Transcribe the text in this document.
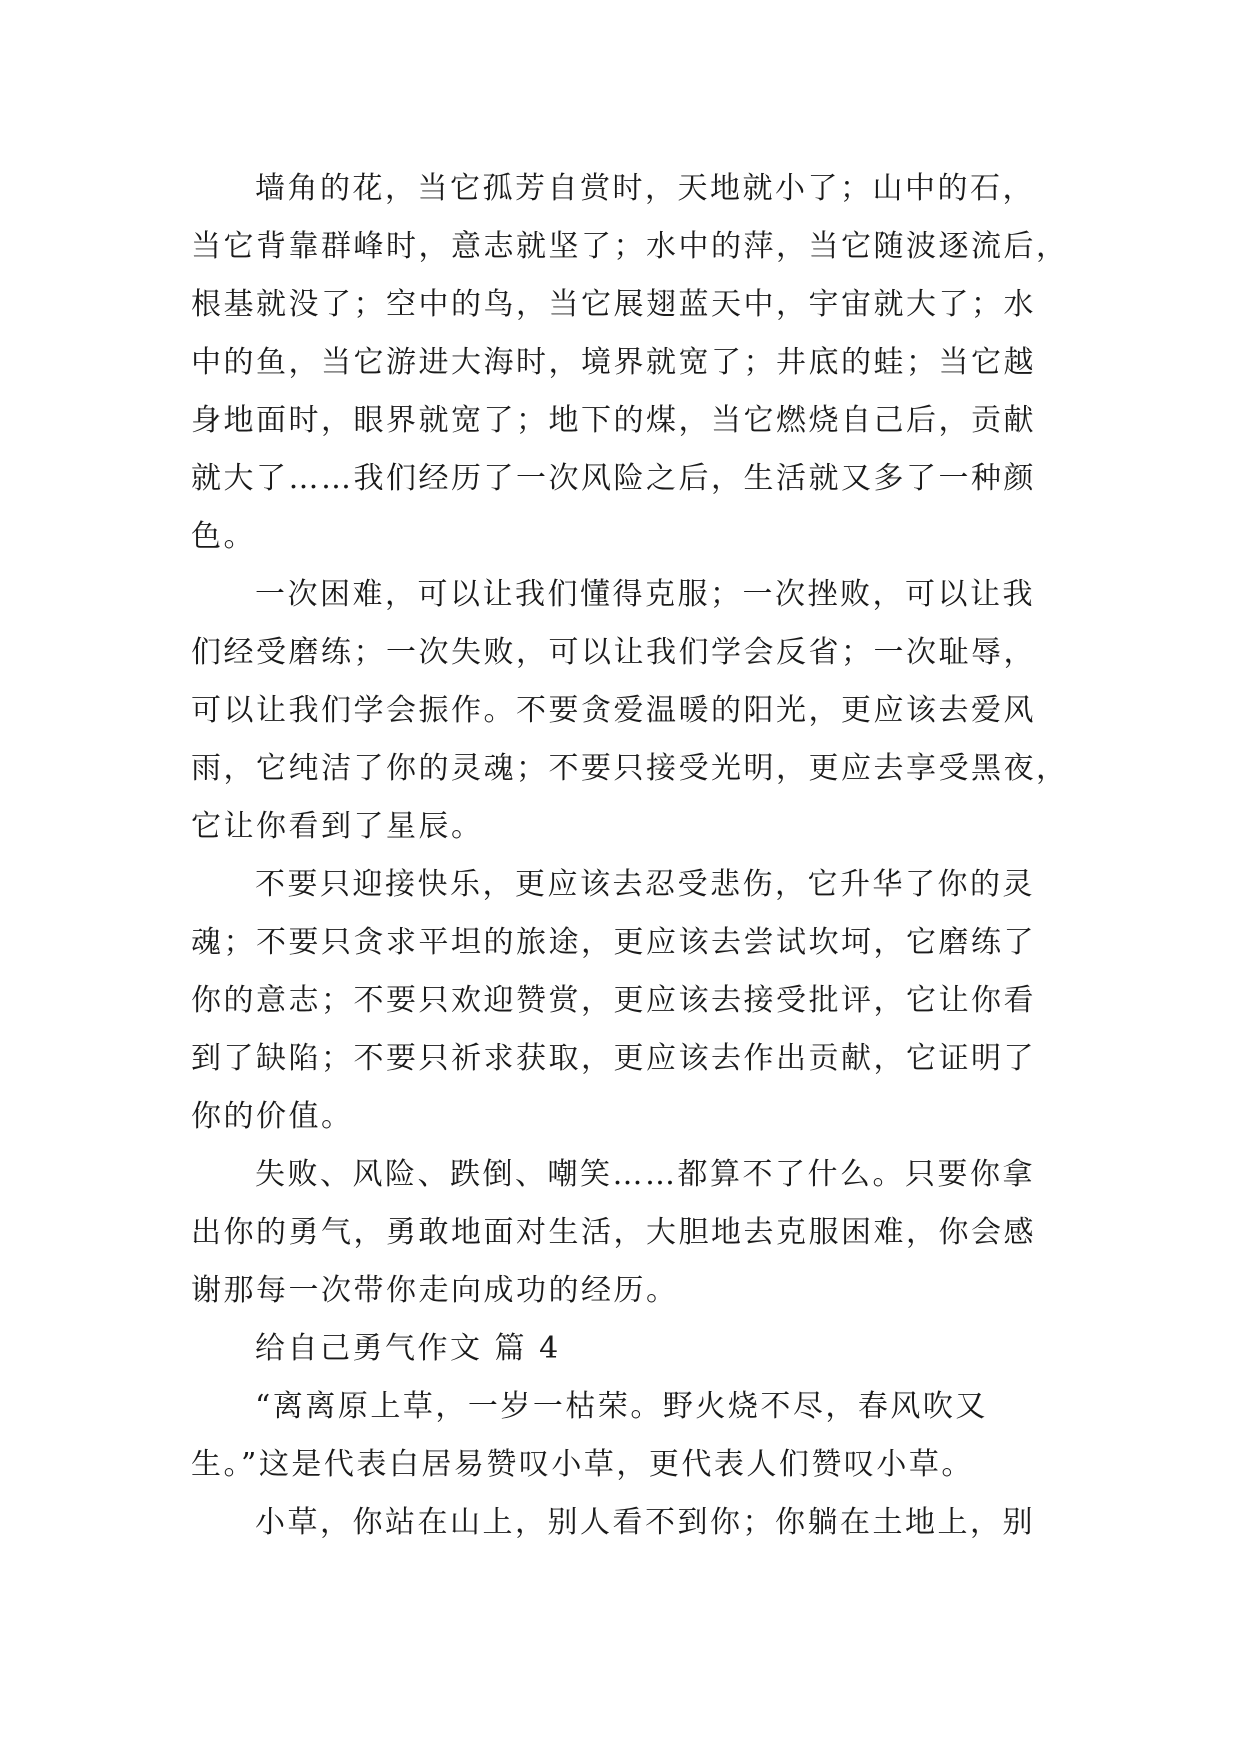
墙角的花，当它孤芳自赏时，天地就小了；山中的石，
当它背靠群峰时，意志就坚了；水中的萍，当它随波逐流后，
根基就没了；空中的鸟，当它展翅蓝天中，宇宙就大了；水
中的鱼，当它游进大海时，境界就宽了；井底的蛙；当它越
身地面时，眼界就宽了；地下的煤，当它燃烧自己后，贡献
就大了……我们经历了一次风险之后，生活就又多了一种颜
色。
一次困难，可以让我们懂得克服；一次挫败，可以让我
们经受磨练；一次失败，可以让我们学会反省；一次耻辱，
可以让我们学会振作。不要贪爱温暖的阳光，更应该去爱风
雨，它纯洁了你的灵魂；不要只接受光明，更应去享受黑夜，
它让你看到了星辰。
不要只迎接快乐，更应该去忍受悲伤，它升华了你的灵
魂；不要只贪求平坦的旅途，更应该去尝试坎坷，它磨练了
你的意志；不要只欢迎赞赏，更应该去接受批评，它让你看
到了缺陷；不要只祈求获取，更应该去作出贡献，它证明了
你的价值。
失败、风险、跌倒、嘲笑……都算不了什么。只要你拿
出你的勇气，勇敢地面对生活，大胆地去克服困难，你会感
谢那每一次带你走向成功的经历。
给自己勇气作文 篇 4
“离离原上草，一岁一枯荣。野火烧不尽，春风吹又
生。”这是代表白居易赞叹小草，更代表人们赞叹小草。
小草，你站在山上，别人看不到你；你躺在土地上，别
